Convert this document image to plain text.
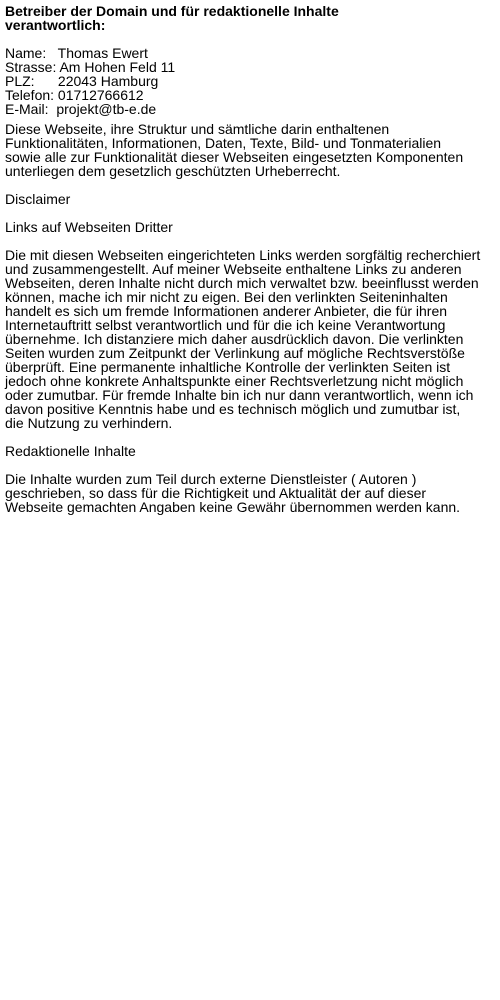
Betreiber der Domain und für redaktionelle Inhalte
verantwortlich:
Name:   Thomas Ewert
Strasse: Am Hohen Feld 11
PLZ:      22043 Hamburg
Telefon: 01712766612
E-Mail:  projekt@tb-e.de
Diese Webseite, ihre Struktur und sämtliche darin enthaltenen
Funktionalitäten, Informationen, Daten, Texte, Bild- und Tonmaterialien
sowie alle zur Funktionalität dieser Webseiten eingesetzten Komponenten
unterliegen dem gesetzlich geschützten Urheberrecht.
Disclaimer
Links auf Webseiten Dritter
Die mit diesen Webseiten eingerichteten Links werden sorgfältig recherchiert
und zusammengestellt. Auf meiner Webseite enthaltene Links zu anderen
Webseiten, deren Inhalte nicht durch mich verwaltet bzw. beeinflusst werden
können, mache ich mir nicht zu eigen. Bei den verlinkten Seiteninhalten
handelt es sich um fremde Informationen anderer Anbieter, die für ihren
Internetauftritt selbst verantwortlich und für die ich keine Verantwortung
übernehme. Ich distanziere mich daher ausdrücklich davon. Die verlinkten
Seiten wurden zum Zeitpunkt der Verlinkung auf mögliche Rechtsverstöße
überprüft. Eine permanente inhaltliche Kontrolle der verlinkten Seiten ist
jedoch ohne konkrete Anhaltspunkte einer Rechtsverletzung nicht möglich
oder zumutbar. Für fremde Inhalte bin ich nur dann verantwortlich, wenn ich
davon positive Kenntnis habe und es technisch möglich und zumutbar ist,
die Nutzung zu verhindern.
Redaktionelle Inhalte
Die Inhalte wurden zum Teil durch externe Dienstleister ( Autoren )
geschrieben, so dass für die Richtigkeit und Aktualität der auf dieser
Webseite gemachten Angaben keine Gewähr übernommen werden kann.
